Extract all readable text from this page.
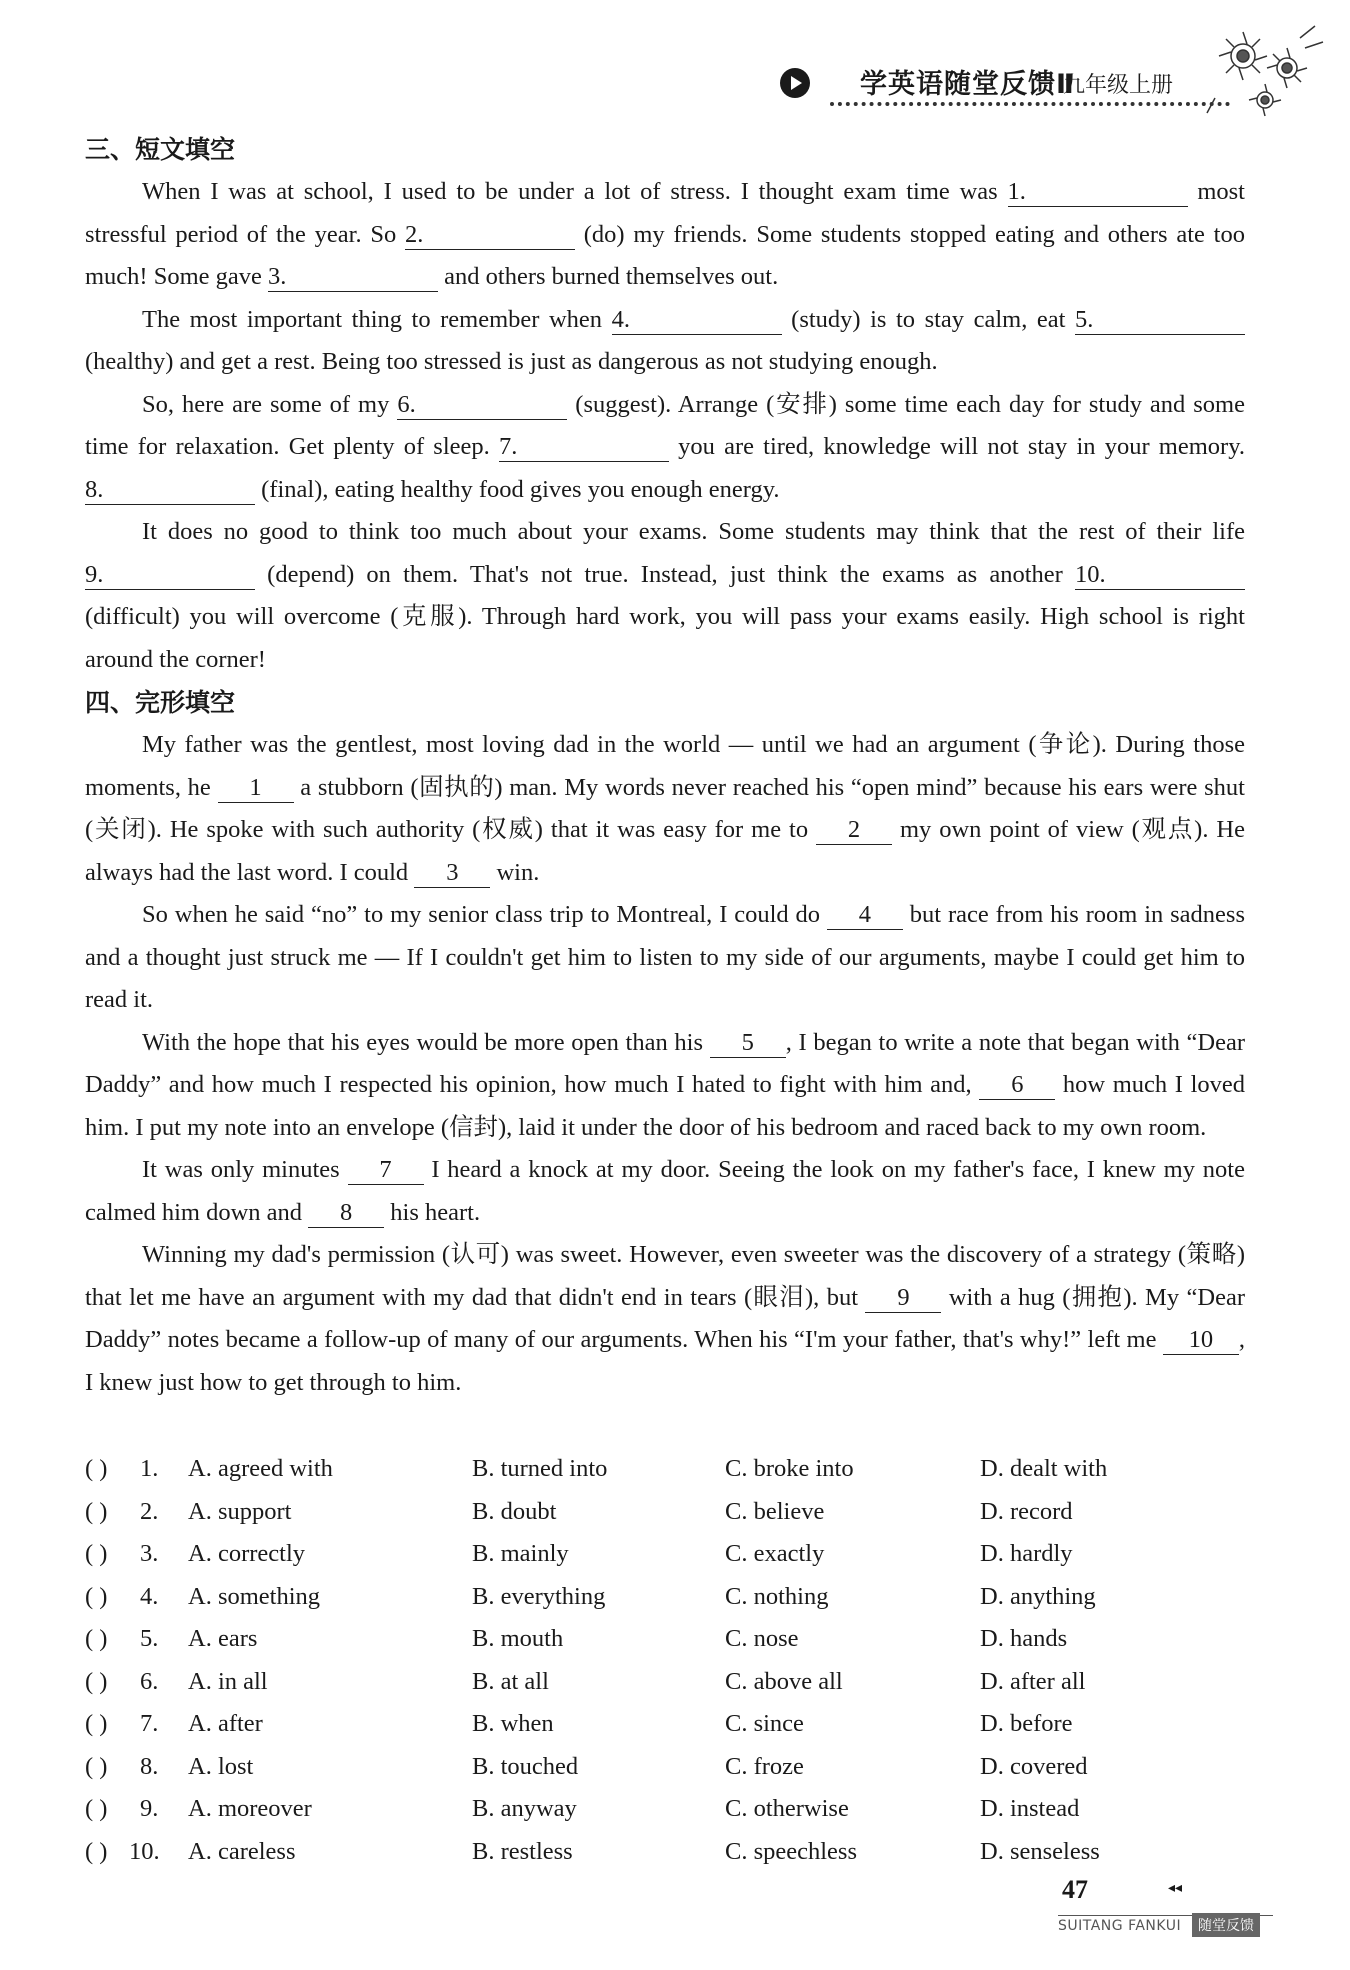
学英语随堂反馈Ⅱ
九年级上册
三、短文填空

When I was at school, I used to be under a lot of stress. I thought exam time was 1.	most stressful period of the year. So 2.	(do) my friends. Some students stopped eating and others ate too much! Some gave 3.	and others burned themselves out.

The most important thing to remember when 4.	(study) is to stay calm, eat 5. (healthy) and get a rest. Being too stressed is just as dangerous as not studying enough.

So, here are some of my 6.	(suggest). Arrange (安排) some time each day for study and some time for relaxation. Get plenty of sleep. 7.	you are tired, knowledge will not stay in your memory. 8.	(final), eating healthy food gives you enough energy.

It does no good to think too much about your exams. Some students may think that the rest of their life 9.	(depend) on them. That's not true. Instead, just think the exams as another 10. (difficult) you will overcome (克服). Through hard work, you will pass your exams easily. High school is right around the corner!

四、完形填空

My father was the gentlest, most loving dad in the world — until we had an argument (争论). During those moments, he 1 a stubborn (固执的) man. My words never reached his “open mind” because his ears were shut (关闭). He spoke with such authority (权威) that it was easy for me to 2 my own point of view (观点). He always had the last word. I could 3 win.

So when he said “no” to my senior class trip to Montreal, I could do 4 but race from his room in sadness and a thought just struck me — If I couldn't get him to listen to my side of our arguments, maybe I could get him to read it.

With the hope that his eyes would be more open than his 5 , I began to write a note that began with “Dear Daddy” and how much I respected his opinion, how much I hated to fight with him and, 6 how much I loved him. I put my note into an envelope (信封), laid it under the door of his bedroom and raced back to my own room.

It was only minutes 7 I heard a knock at my door. Seeing the look on my father's face, I knew my note calmed him down and 8 his heart.

Winning my dad's permission (认可) was sweet. However, even sweeter was the discovery of a strategy (策略) that let me have an argument with my dad that didn't end in tears (眼泪), but 9 with a hug (拥抱). My “Dear Daddy” notes became a follow-up of many of our arguments. When his “I'm your father, that's why!” left me 10 , I knew just how to get through to him.

( ) 1. A. agreed with	B. turned into	C. broke into	D. dealt with
( ) 2. A. support	B. doubt	C. believe	D. record
( ) 3. A. correctly	B. mainly	C. exactly	D. hardly
( ) 4. A. something	B. everything	C. nothing	D. anything
( ) 5. A. ears	B. mouth	C. nose	D. hands
( ) 6. A. in all	B. at all	C. above all	D. after all
( ) 7. A. after	B. when	C. since	D. before
( ) 8. A. lost	B. touched	C. froze	D. covered
( ) 9. A. moreover	B. anyway	C. otherwise	D. instead
( ) 10. A. careless	B. restless	C. speechless	D. senseless
47	◂◂
SUITANG FANKUI	随堂反馈
